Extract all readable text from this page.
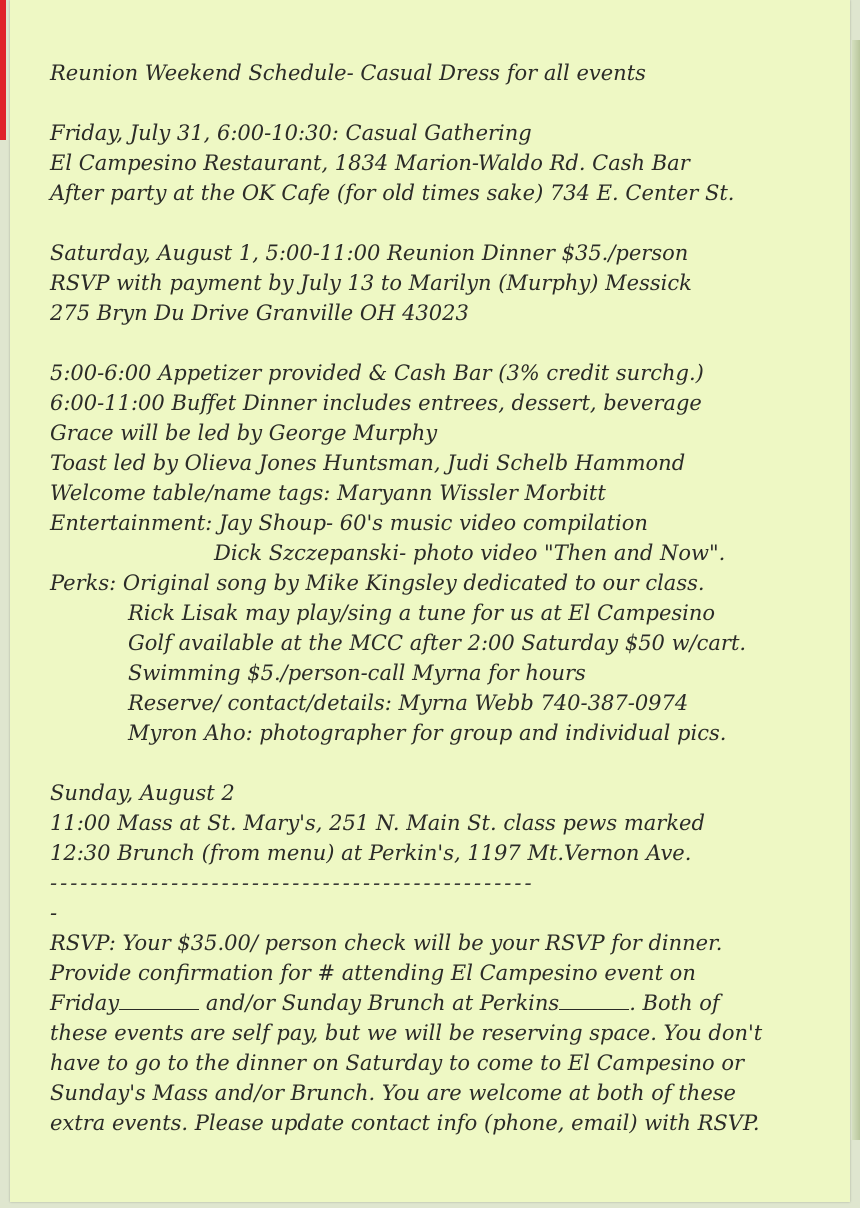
Reunion Weekend Schedule- Casual Dress for all events
Friday, July 31, 6:00-10:30: Casual Gathering
El Campesino Restaurant, 1834 Marion-Waldo Rd. Cash Bar
After party at the OK Cafe (for old times sake) 734 E. Center St.
Saturday, August 1, 5:00-11:00 Reunion Dinner $35./person
RSVP with payment by July 13 to Marilyn (Murphy) Messick
275 Bryn Du Drive Granville OH 43023
5:00-6:00 Appetizer provided & Cash Bar (3% credit surchg.)
6:00-11:00 Buffet Dinner includes entrees, dessert, beverage
Grace will be led by George Murphy
Toast led by Olieva Jones Huntsman, Judi Schelb Hammond
Welcome table/name tags: Maryann Wissler Morbitt
Entertainment: Jay Shoup- 60's music video compilation
Dick Szczepanski- photo video "Then and Now".
Perks: Original song by Mike Kingsley dedicated to our class.
Rick Lisak may play/sing a tune for us at El Campesino
Golf available at the MCC after 2:00 Saturday $50 w/cart.
Swimming $5./person-call Myrna for hours
Reserve/ contact/details: Myrna Webb 740-387-0974
Myron Aho: photographer for group and individual pics.
Sunday, August 2
11:00 Mass at St. Mary's, 251 N. Main St. class pews marked
12:30 Brunch (from menu) at Perkin's, 1197 Mt.Vernon Ave.
------------------------------------------------
-
RSVP: Your $35.00/ person check will be your RSVP for dinner.
Provide confirmation for # attending El Campesino event on
Friday	and/or Sunday Brunch at Perkins	. Both of
these events are self pay, but we will be reserving space. You don't
have to go to the dinner on Saturday to come to El Campesino or
Sunday's Mass and/or Brunch. You are welcome at both of these
extra events. Please update contact info (phone, email) with RSVP.
